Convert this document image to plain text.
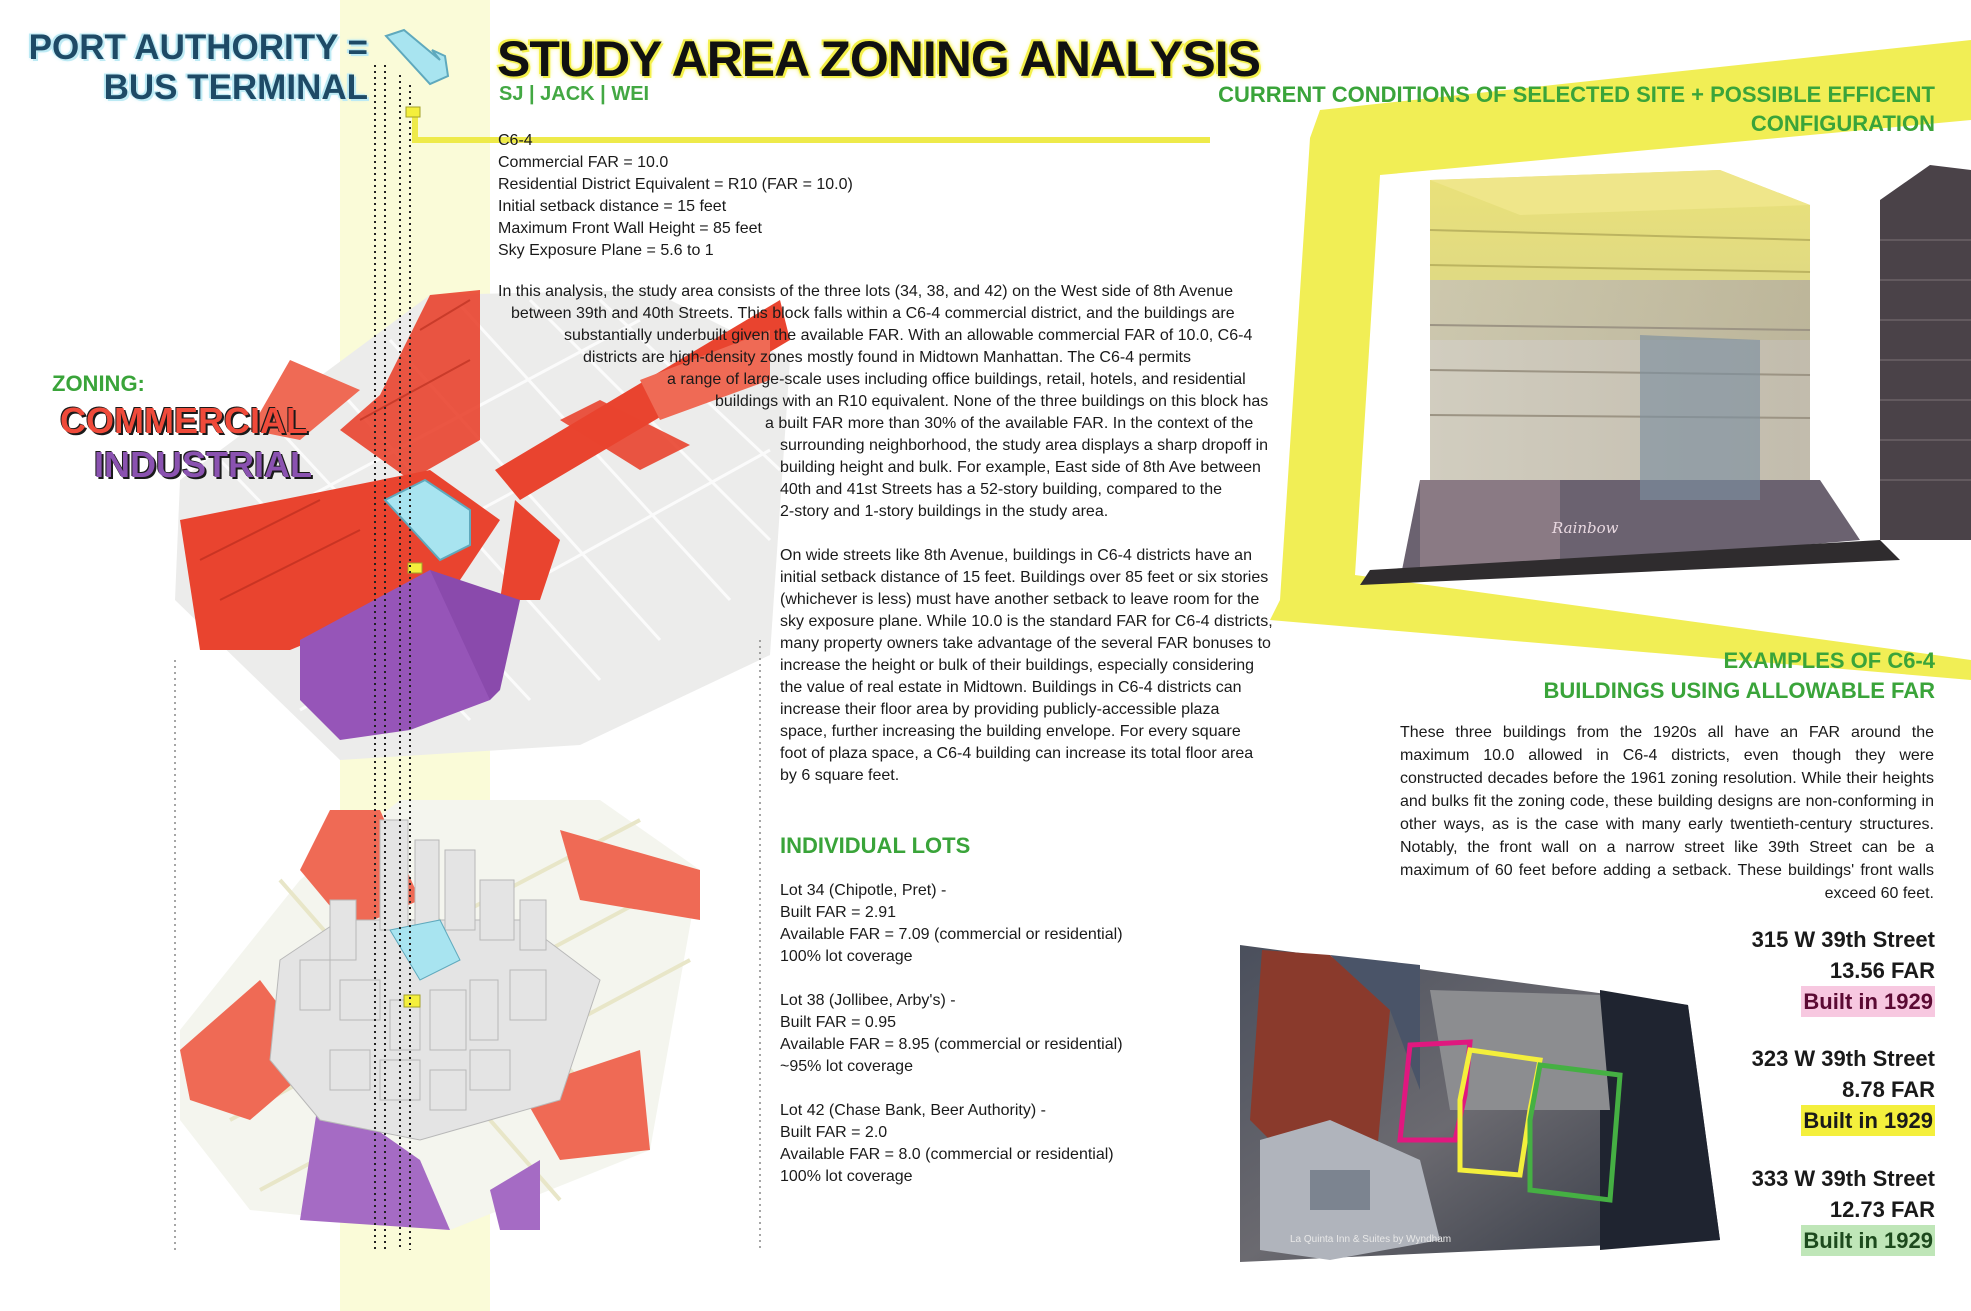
Rainbow
La Quinta Inn & Suites by Wyndham
PORT AUTHORITY =
BUS TERMINAL
STUDY AREA ZONING ANALYSIS
SJ | JACK | WEI
ZONING:
COMMERCIAL
INDUSTRIAL
C6-4
Commercial FAR = 10.0
Residential District Equivalent = R10 (FAR = 10.0)
Initial setback distance = 15 feet
Maximum Front Wall Height = 85 feet
Sky Exposure Plane = 5.6 to 1
In this analysis, the study area consists of the three lots (34, 38, and 42) on the West side of 8th Avenue
between 39th and 40th Streets. This block falls within a C6-4 commercial district, and the buildings are
substantially underbuilt given the available FAR. With an allowable commercial FAR of 10.0, C6-4
districts are high-density zones mostly found in Midtown Manhattan. The C6-4 permits
a range of large-scale uses including office buildings, retail, hotels, and residential
buildings with an R10 equivalent. None of the three buildings on this block has
a built FAR more than 30% of the available FAR. In the context of the
surrounding neighborhood, the study area displays a sharp dropoff in
building height and bulk. For example, East side of 8th Ave between
40th and 41st Streets has a 52-story building, compared to the
2-story and 1-story buildings in the study area.
On wide streets like 8th Avenue, buildings in C6-4 districts have an
initial setback distance of 15 feet. Buildings over 85 feet or six stories
(whichever is less) must have another setback to leave room for the
sky exposure plane. While 10.0 is the standard FAR for C6-4 districts,
many property owners take advantage of the several FAR bonuses to
increase the height or bulk of their buildings, especially considering
the value of real estate in Midtown. Buildings in C6-4 districts can
increase their floor area by providing publicly-accessible plaza
space, further increasing the building envelope. For every square
foot of plaza space, a C6-4 building can increase its total floor area
by 6 square feet.
INDIVIDUAL LOTS
Lot 34 (Chipotle, Pret) -
Built FAR = 2.91
Available FAR = 7.09 (commercial or residential)
100% lot coverage
Lot 38 (Jollibee, Arby's) -
Built FAR = 0.95
Available FAR = 8.95 (commercial or residential)
~95% lot coverage
Lot 42 (Chase Bank, Beer Authority) -
Built FAR = 2.0
Available FAR = 8.0 (commercial or residential)
100% lot coverage
CURRENT CONDITIONS OF SELECTED SITE + POSSIBLE EFFICENT
CONFIGURATION
EXAMPLES OF C6-4
BUILDINGS USING ALLOWABLE FAR
These three buildings from the 1920s all have an FAR around the maximum 10.0 allowed in C6-4 districts, even though they were constructed decades before the 1961 zoning resolution. While their heights and bulks fit the zoning code, these building designs are non-conforming in other ways, as is the case with many early twentieth-century structures. Notably, the front wall on a narrow street like 39th Street can be a maximum of 60 feet before adding a setback. These buildings' front walls exceed 60 feet.
315 W 39th Street
13.56 FAR
Built in 1929
323 W 39th Street
8.78 FAR
Built in 1929
333 W 39th Street
12.73 FAR
Built in 1929
